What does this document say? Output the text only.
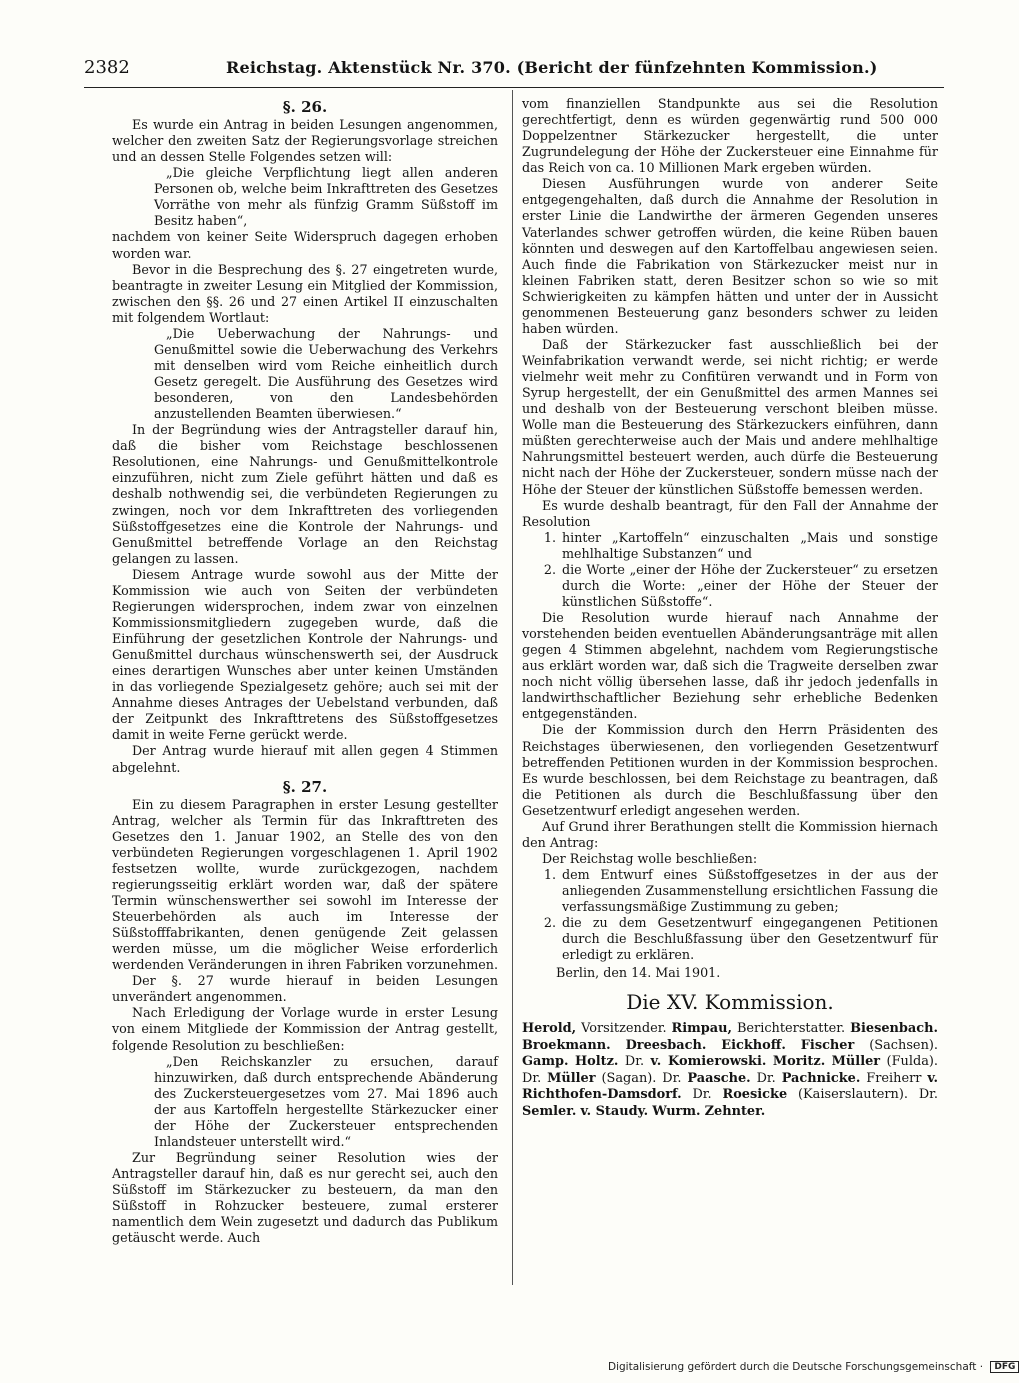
2382	Reichstag. Aktenstück Nr. 370. (Bericht der fünfzehnten Kommission.)
§. 26.

Es wurde ein Antrag in beiden Lesungen angenommen, welcher den zweiten Satz der Regierungsvorlage streichen und an dessen Stelle Folgendes setzen will:

„Die gleiche Verpflichtung liegt allen anderen Personen ob, welche beim Inkrafttreten des Gesetzes Vorräthe von mehr als fünfzig Gramm Süßstoff im Besitz haben“,

nachdem von keiner Seite Widerspruch dagegen erhoben worden war.

Bevor in die Besprechung des §. 27 eingetreten wurde, beantragte in zweiter Lesung ein Mitglied der Kommission, zwischen den §§. 26 und 27 einen Artikel II einzuschalten mit folgendem Wortlaut:

„Die Ueberwachung der Nahrungs- und Genußmittel sowie die Ueberwachung des Verkehrs mit denselben wird vom Reiche einheitlich durch Gesetz geregelt. Die Ausführung des Gesetzes wird besonderen, von den Landesbehörden anzustellenden Beamten überwiesen.“

In der Begründung wies der Antragsteller darauf hin, daß die bisher vom Reichstage beschlossenen Resolutionen, eine Nahrungs- und Genußmittelkontrole einzuführen, nicht zum Ziele geführt hätten und daß es deshalb nothwendig sei, die verbündeten Regierungen zu zwingen, noch vor dem Inkrafttreten des vorliegenden Süßstoffgesetzes eine die Kontrole der Nahrungs- und Genußmittel betreffende Vorlage an den Reichstag gelangen zu lassen.

Diesem Antrage wurde sowohl aus der Mitte der Kommission wie auch von Seiten der verbündeten Regierungen widersprochen, indem zwar von einzelnen Kommissionsmitgliedern zugegeben wurde, daß die Einführung der gesetzlichen Kontrole der Nahrungs- und Genußmittel durchaus wünschenswerth sei, der Ausdruck eines derartigen Wunsches aber unter keinen Umständen in das vorliegende Spezialgesetz gehöre; auch sei mit der Annahme dieses Antrages der Uebelstand verbunden, daß der Zeitpunkt des Inkrafttretens des Süßstoffgesetzes damit in weite Ferne gerückt werde.

Der Antrag wurde hierauf mit allen gegen 4 Stimmen abgelehnt.

§. 27.

Ein zu diesem Paragraphen in erster Lesung gestellter Antrag, welcher als Termin für das Inkrafttreten des Gesetzes den 1. Januar 1902, an Stelle des von den verbündeten Regierungen vorgeschlagenen 1. April 1902 festsetzen wollte, wurde zurückgezogen, nachdem regierungsseitig erklärt worden war, daß der spätere Termin wünschenswerther sei sowohl im Interesse der Steuerbehörden als auch im Interesse der Süßstofffabrikanten, denen genügende Zeit gelassen werden müsse, um die möglicher Weise erforderlich werdenden Veränderungen in ihren Fabriken vorzunehmen.

Der §. 27 wurde hierauf in beiden Lesungen unverändert angenommen.

Nach Erledigung der Vorlage wurde in erster Lesung von einem Mitgliede der Kommission der Antrag gestellt, folgende Resolution zu beschließen:

„Den Reichskanzler zu ersuchen, darauf hinzuwirken, daß durch entsprechende Abänderung des Zuckersteuergesetzes vom 27. Mai 1896 auch der aus Kartoffeln hergestellte Stärkezucker einer der Höhe der Zuckersteuer entsprechenden Inlandsteuer unterstellt wird.“

Zur Begründung seiner Resolution wies der Antragsteller darauf hin, daß es nur gerecht sei, auch den Süßstoff im Stärkezucker zu besteuern, da man den Süßstoff in Rohzucker besteuere, zumal ersterer namentlich dem Wein zugesetzt und dadurch das Publikum getäuscht werde. Auch

vom finanziellen Standpunkte aus sei die Resolution gerechtfertigt, denn es würden gegenwärtig rund 500 000 Doppelzentner Stärkezucker hergestellt, die unter Zugrundelegung der Höhe der Zuckersteuer eine Einnahme für das Reich von ca. 10 Millionen Mark ergeben würden.

Diesen Ausführungen wurde von anderer Seite entgegengehalten, daß durch die Annahme der Resolution in erster Linie die Landwirthe der ärmeren Gegenden unseres Vaterlandes schwer getroffen würden, die keine Rüben bauen könnten und deswegen auf den Kartoffelbau angewiesen seien. Auch finde die Fabrikation von Stärkezucker meist nur in kleinen Fabriken statt, deren Besitzer schon so wie so mit Schwierigkeiten zu kämpfen hätten und unter der in Aussicht genommenen Besteuerung ganz besonders schwer zu leiden haben würden.

Daß der Stärkezucker fast ausschließlich bei der Weinfabrikation verwandt werde, sei nicht richtig; er werde vielmehr weit mehr zu Confitüren verwandt und in Form von Syrup hergestellt, der ein Genußmittel des armen Mannes sei und deshalb von der Besteuerung verschont bleiben müsse. Wolle man die Besteuerung des Stärkezuckers einführen, dann müßten gerechterweise auch der Mais und andere mehlhaltige Nahrungsmittel besteuert werden, auch dürfe die Besteuerung nicht nach der Höhe der Zuckersteuer, sondern müsse nach der Höhe der Steuer der künstlichen Süßstoffe bemessen werden.

Es wurde deshalb beantragt, für den Fall der Annahme der Resolution

1. hinter „Kartoffeln“ einzuschalten „Mais und sonstige mehlhaltige Substanzen“ und
2. die Worte „einer der Höhe der Zuckersteuer“ zu ersetzen durch die Worte: „einer der Höhe der Steuer der künstlichen Süßstoffe“.

Die Resolution wurde hierauf nach Annahme der vorstehenden beiden eventuellen Abänderungsanträge mit allen gegen 4 Stimmen abgelehnt, nachdem vom Regierungstische aus erklärt worden war, daß sich die Tragweite derselben zwar noch nicht völlig übersehen lasse, daß ihr jedoch jedenfalls in landwirthschaftlicher Beziehung sehr erhebliche Bedenken entgegenständen.

Die der Kommission durch den Herrn Präsidenten des Reichstages überwiesenen, den vorliegenden Gesetzentwurf betreffenden Petitionen wurden in der Kommission besprochen. Es wurde beschlossen, bei dem Reichstage zu beantragen, daß die Petitionen als durch die Beschlußfassung über den Gesetzentwurf erledigt angesehen werden.

Auf Grund ihrer Berathungen stellt die Kommission hiernach den Antrag:

Der Reichstag wolle beschließen:

1. dem Entwurf eines Süßstoffgesetzes in der aus der anliegenden Zusammenstellung ersichtlichen Fassung die verfassungsmäßige Zustimmung zu geben;
2. die zu dem Gesetzentwurf eingegangenen Petitionen durch die Beschlußfassung über den Gesetzentwurf für erledigt zu erklären.
Berlin, den 14. Mai 1901.
Die XV. Kommission.
Herold, Vorsitzender. Rimpau, Berichterstatter. Biesenbach. Broekmann. Dreesbach. Eickhoff. Fischer (Sachsen). Gamp. Holtz. Dr. v. Komierowski. Moritz. Müller (Fulda). Dr. Müller (Sagan). Dr. Paasche. Dr. Pachnicke. Freiherr v. Richthofen-Damsdorf. Dr. Roesicke (Kaiserslautern). Dr. Semler. v. Staudy. Wurm. Zehnter.
Digitalisierung gefördert durch die Deutsche Forschungsgemeinschaft · DFG
